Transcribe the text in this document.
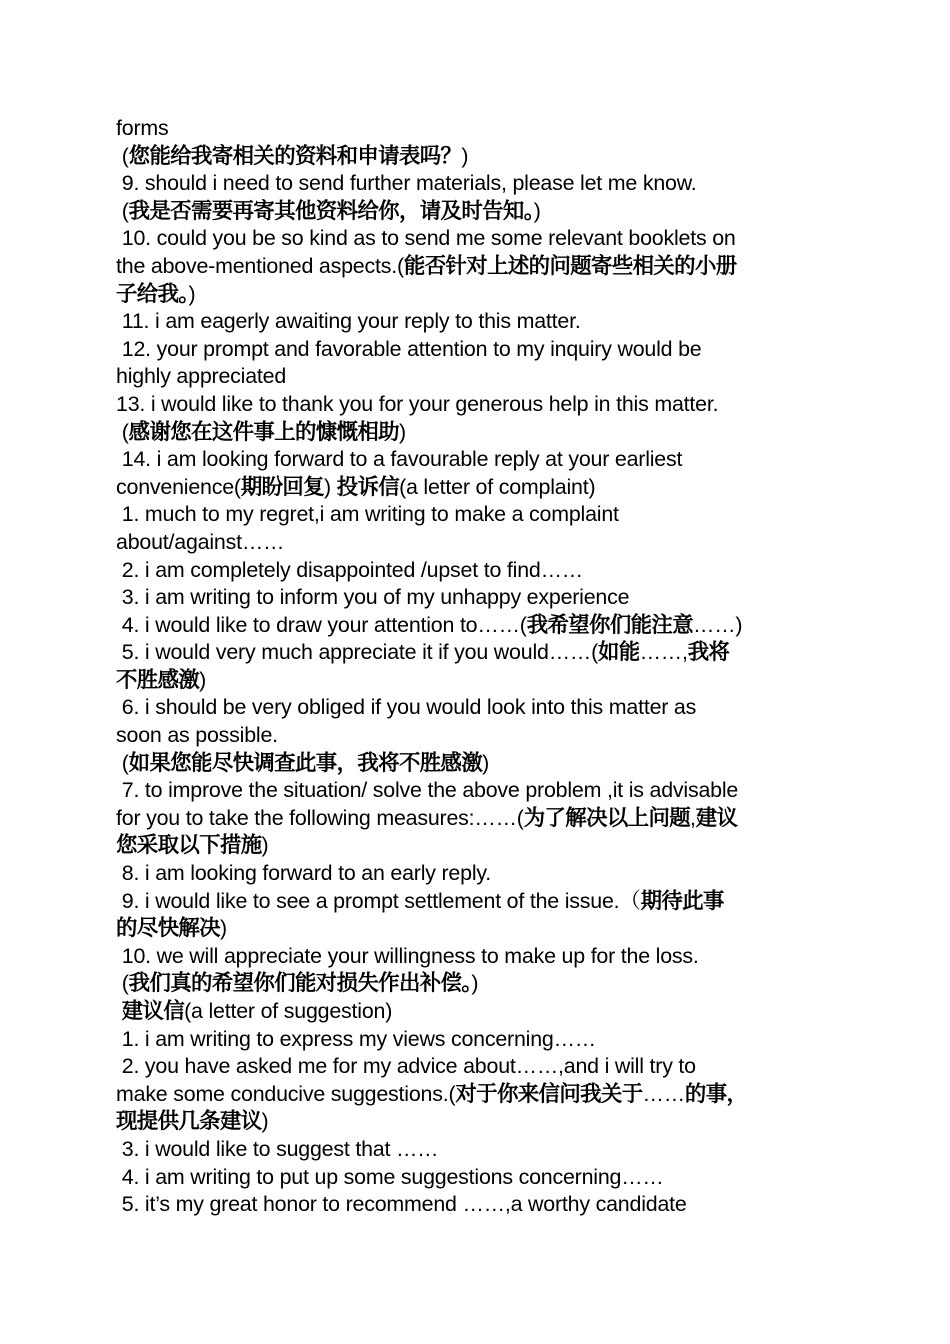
forms
(您能给我寄相关的资料和申请表吗？)
9. should i need to send further materials, please let me know.
(我是否需要再寄其他资料给你，请及时告知。)
10. could you be so kind as to send me some relevant booklets on
the above-mentioned aspects.(能否针对上述的问题寄些相关的小册
子给我。)
11. i am eagerly awaiting your reply to this matter.
12. your prompt and favorable attention to my inquiry would be
highly appreciated
13. i would like to thank you for your generous help in this matter.
(感谢您在这件事上的慷慨相助)
14. i am looking forward to a favourable reply at your earliest
convenience(期盼回复) 投诉信(a letter of complaint)
1. much to my regret,i am writing to make a complaint
about/against……
2. i am completely disappointed /upset to find……
3. i am writing to inform you of my unhappy experience
4. i would like to draw your attention to……(我希望你们能注意……)
5. i would very much appreciate it if you would……(如能……,我将
不胜感激)
6. i should be very obliged if you would look into this matter as
soon as possible.
(如果您能尽快调查此事，我将不胜感激)
7. to improve the situation/ solve the above problem ,it is advisable
for you to take the following measures:……(为了解决以上问题,建议
您采取以下措施)
8. i am looking forward to an early reply.
9. i would like to see a prompt settlement of the issue.（期待此事
的尽快解决)
10. we will appreciate your willingness to make up for the loss.
(我们真的希望你们能对损失作出补偿。)
建议信(a letter of suggestion)
1. i am writing to express my views concerning……
2. you have asked me for my advice about……,and i will try to
make some conducive suggestions.(对于你来信问我关于……的事，
现提供几条建议)
3. i would like to suggest that ……
4. i am writing to put up some suggestions concerning……
5. it’s my great honor to recommend ……,a worthy candidate
